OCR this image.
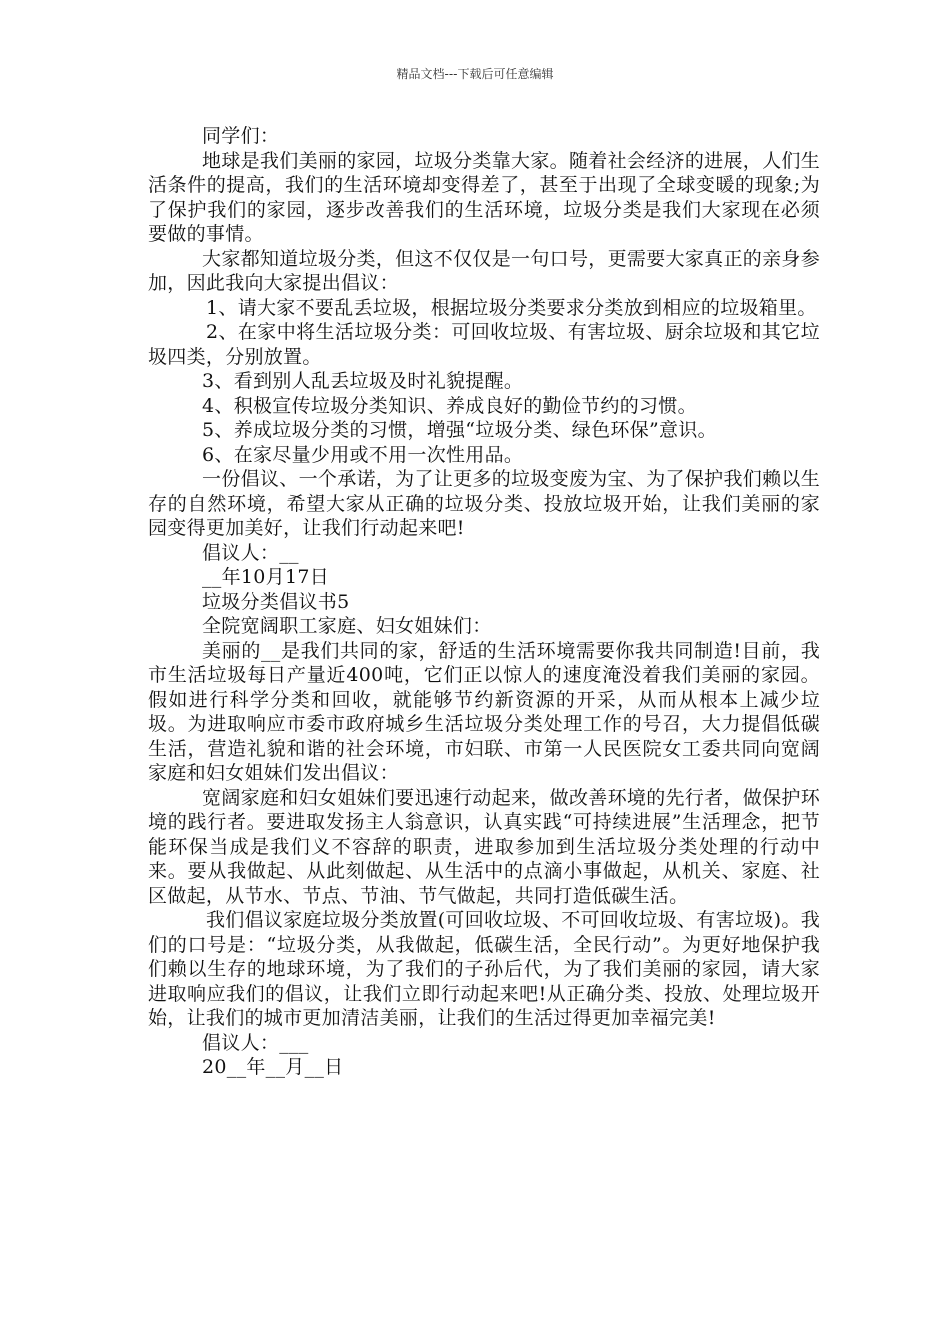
精品文档---下载后可任意编辑

同学们：

地球是我们美丽的家园，垃圾分类靠大家。随着社会经济的进展，人们生活条件的提高，我们的生活环境却变得差了，甚至于出现了全球变暖的现象;为了保护我们的家园，逐步改善我们的生活环境，垃圾分类是我们大家现在必须要做的事情。

大家都知道垃圾分类，但这不仅仅是一句口号，更需要大家真正的亲身参加，因此我向大家提出倡议：

1、请大家不要乱丢垃圾，根据垃圾分类要求分类放到相应的垃圾箱里。

2、在家中将生活垃圾分类：可回收垃圾、有害垃圾、厨余垃圾和其它垃圾四类，分别放置。

3、看到别人乱丢垃圾及时礼貌提醒。

4、积极宣传垃圾分类知识、养成良好的勤俭节约的习惯。

5、养成垃圾分类的习惯，增强“垃圾分类、绿色环保”意识。

6、在家尽量少用或不用一次性用品。

一份倡议、一个承诺，为了让更多的垃圾变废为宝、为了保护我们赖以生存的自然环境，希望大家从正确的垃圾分类、投放垃圾开始，让我们美丽的家园变得更加美好，让我们行动起来吧!

倡议人：__

__年10月17日

垃圾分类倡议书5

全院宽阔职工家庭、妇女姐妹们：

美丽的__是我们共同的家，舒适的生活环境需要你我共同制造!目前，我市生活垃圾每日产量近400吨，它们正以惊人的速度淹没着我们美丽的家园。假如进行科学分类和回收，就能够节约新资源的开采，从而从根本上减少垃圾。为进取响应市委市政府城乡生活垃圾分类处理工作的号召，大力提倡低碳生活，营造礼貌和谐的社会环境，市妇联、市第一人民医院女工委共同向宽阔家庭和妇女姐妹们发出倡议：

宽阔家庭和妇女姐妹们要迅速行动起来，做改善环境的先行者，做保护环境的践行者。要进取发扬主人翁意识，认真实践“可持续进展”生活理念，把节能环保当成是我们义不容辞的职责，进取参加到生活垃圾分类处理的行动中来。要从我做起、从此刻做起、从生活中的点滴小事做起，从机关、家庭、社区做起，从节水、节点、节油、节气做起，共同打造低碳生活。

我们倡议家庭垃圾分类放置(可回收垃圾、不可回收垃圾、有害垃圾)。我们的口号是：“垃圾分类，从我做起，低碳生活，全民行动”。为更好地保护我们赖以生存的地球环境，为了我们的子孙后代，为了我们美丽的家园，请大家进取响应我们的倡议，让我们立即行动起来吧!从正确分类、投放、处理垃圾开始，让我们的城市更加清洁美丽，让我们的生活过得更加幸福完美!

倡议人：___

20__年__月__日
